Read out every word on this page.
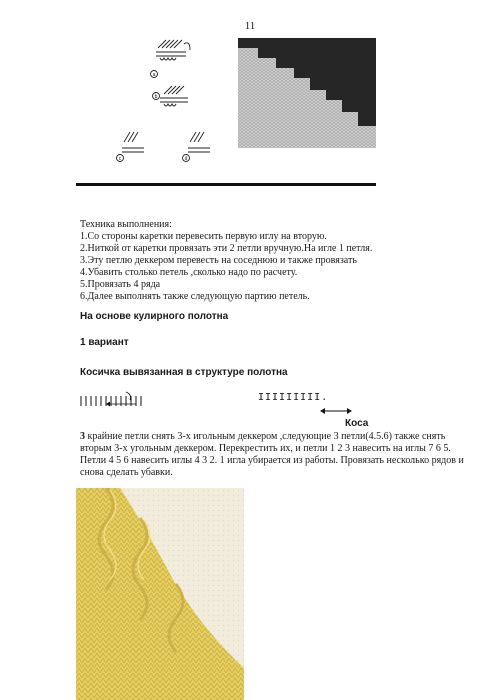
11
a
b
c	d
Техника выполнения:
1.Со стороны каретки перевесить первую иглу на вторую.
2.Ниткой от каретки провязать эти 2 петли вручную.На игле 1 петля.
3.Эту петлю деккером перевесть на соседнюю и также провязать
4.Убавить столько петель ,сколько надо по расчету.
5.Провязать 4 ряда
6.Далее выполнять также следующую партию петель.
На основе кулирного полотна
1 вариант
Косичка вывязанная в структуре полотна
IIIIIIIII.
Коса
3 крайние петли снять 3-х игольным деккером ,следующие 3 петли(4.5.6) также снять вторым 3-х угольным деккером. Перекрестить их, и петли 1 2 3 навесить на иглы 7 6 5. Петли 4 5 6 навесить иглы 4 3 2. 1 игла убирается из работы. Провязать несколько рядов и снова сделать убавки.
